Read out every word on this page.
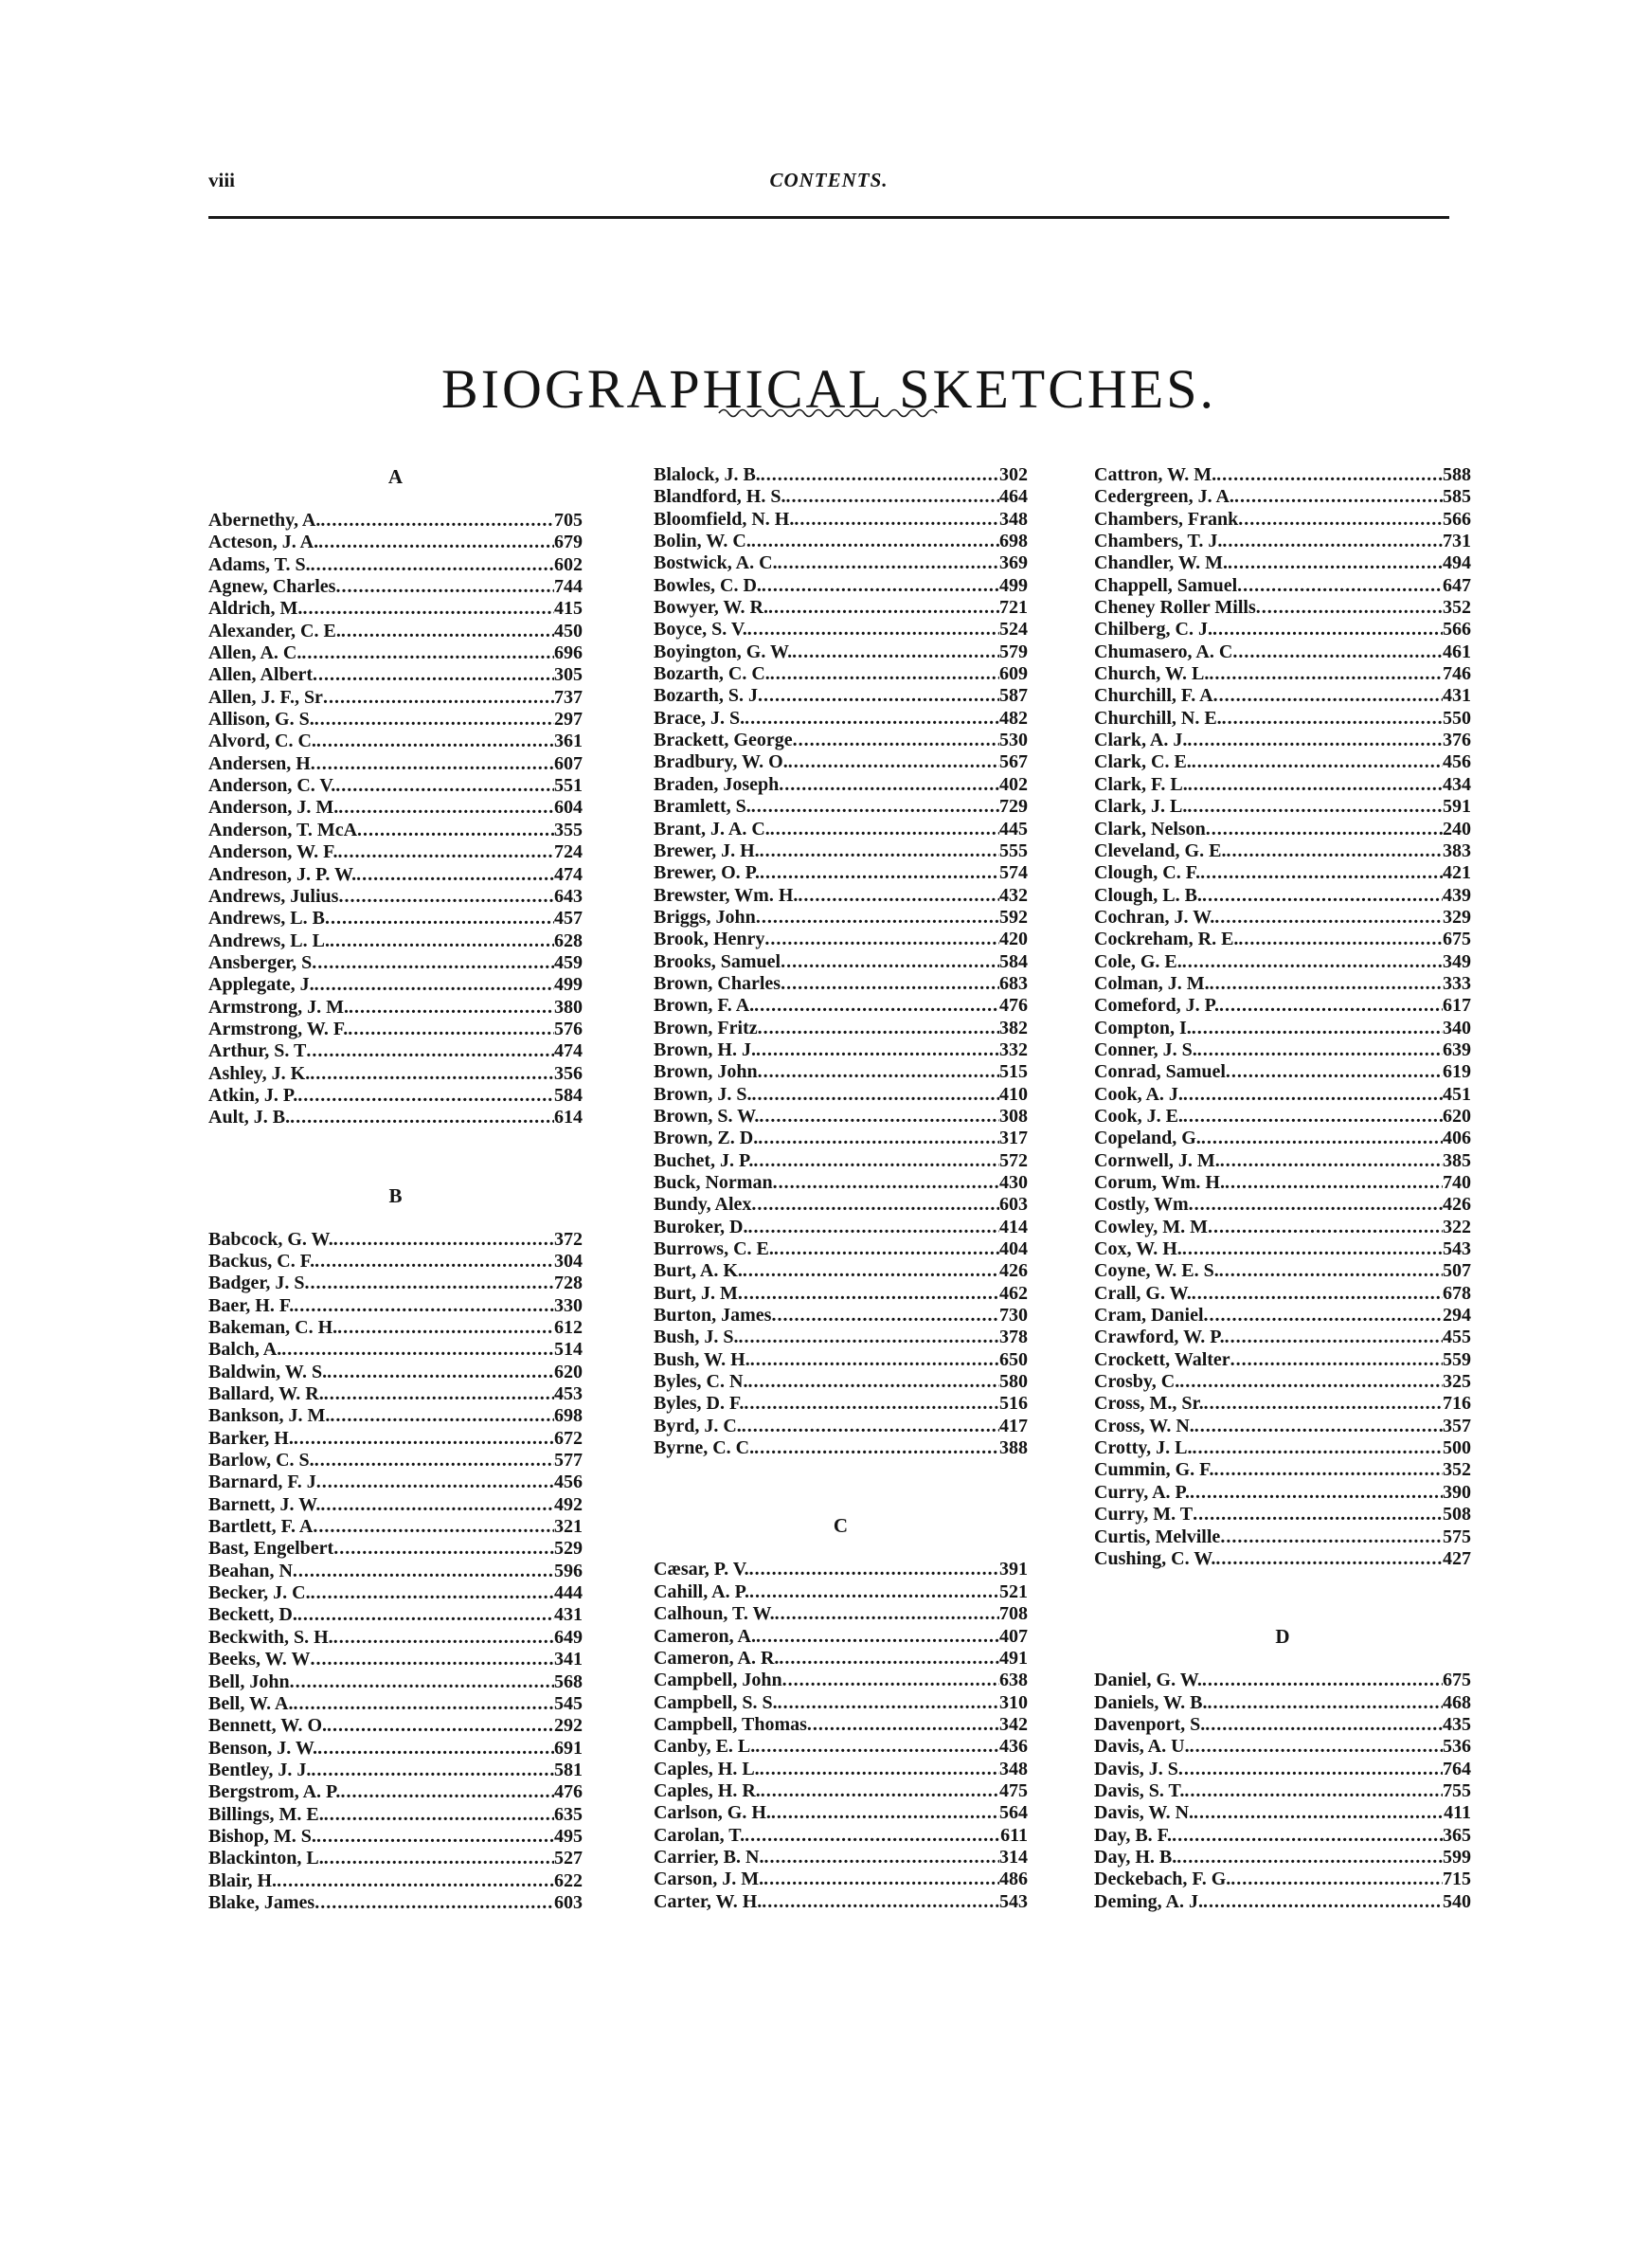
viii	CONTENTS.
BIOGRAPHICAL SKETCHES.
A
Abernethy, A. .....	705
Acteson, J. A. .....	679
Adams, T. S. .....	602
Agnew, Charles .....	744
Aldrich, M. .....	415
Alexander, C. E. .....	450
Allen, A. C. .....	696
Allen, Albert .....	305
Allen, J. F., Sr .....	737
Allison, G. S. .....	297
Alvord, C. C. .....	361
Andersen, H .....	607
Anderson, C. V. .....	551
Anderson, J. M. .....	604
Anderson, T. McA .....	355
Anderson, W. F. .....	724
Andreson, J. P. W. .....	474
Andrews, Julius .....	643
Andrews, L. B .....	457
Andrews, L. L. .....	628
Ansberger, S .....	459
Applegate, J. .....	499
Armstrong, J. M. .....	380
Armstrong, W. F. .....	576
Arthur, S. T .....	474
Ashley, J. K. .....	356
Atkin, J. P. .....	584
Ault, J. B. .....	614
B
Babcock, G. W. .....	372
Backus, C. F. .....	304
Badger, J. S .....	728
Baer, H. F. .....	330
Bakeman, C. H. .....	612
Balch, A. .....	514
Baldwin, W. S. .....	620
Ballard, W. R. .....	453
Bankson, J. M. .....	698
Barker, H. .....	672
Barlow, C. S. .....	577
Barnard, F. J .....	456
Barnett, J. W. .....	492
Bartlett, F. A .....	321
Bast, Engelbert .....	529
Beahan, N .....	596
Becker, J. C. .....	444
Beckett, D. .....	431
Beckwith, S. H. .....	649
Beeks, W. W .....	341
Bell, John .....	568
Bell, W. A. .....	545
Bennett, W. O. .....	292
Benson, J. W. .....	691
Bentley, J. J. .....	581
Bergstrom, A. P. .....	476
Billings, M. E. .....	635
Bishop, M. S. .....	495
Blackinton, L. .....	527
Blair, H. .....	622
Blake, James .....	603
Blalock, J. B. .....	302
Blandford, H. S. .....	464
Bloomfield, N. H. .....	348
Bolin, W. C. .....	698
Bostwick, A. C. .....	369
Bowles, C. D. .....	499
Bowyer, W. R. .....	721
Boyce, S. V. .....	524
Boyington, G. W. .....	579
Bozarth, C. C. .....	609
Bozarth, S. J .....	587
Brace, J. S. .....	482
Brackett, George .....	530
Bradbury, W. O. .....	567
Braden, Joseph .....	402
Bramlett, S. .....	729
Brant, J. A. C. .....	445
Brewer, J. H. .....	555
Brewer, O. P. .....	574
Brewster, Wm. H. .....	432
Briggs, John .....	592
Brook, Henry .....	420
Brooks, Samuel .....	584
Brown, Charles .....	683
Brown, F. A. .....	476
Brown, Fritz .....	382
Brown, H. J. .....	332
Brown, John .....	515
Brown, J. S. .....	410
Brown, S. W. .....	308
Brown, Z. D. .....	317
Buchet, J. P. .....	572
Buck, Norman .....	430
Bundy, Alex .....	603
Buroker, D. .....	414
Burrows, C. E. .....	404
Burt, A. K. .....	426
Burt, J. M .....	462
Burton, James .....	730
Bush, J. S. .....	378
Bush, W. H. .....	650
Byles, C. N. .....	580
Byles, D. F. .....	516
Byrd, J. C. .....	417
Byrne, C. C. .....	388
C
Cæsar, P. V. .....	391
Cahill, A. P. .....	521
Calhoun, T. W. .....	708
Cameron, A. .....	407
Cameron, A. R. .....	491
Campbell, John .....	638
Campbell, S. S. .....	310
Campbell, Thomas .....	342
Canby, E. L. .....	436
Caples, H. L. .....	348
Caples, H. R. .....	475
Carlson, G. H. .....	564
Carolan, T. .....	611
Carrier, B. N. .....	314
Carson, J. M. .....	486
Carter, W. H. .....	543
Cattron, W. M. .....	588
Cedergreen, J. A. .....	585
Chambers, Frank .....	566
Chambers, T. J. .....	731
Chandler, W. M. .....	494
Chappell, Samuel .....	647
Cheney Roller Mills .....	352
Chilberg, C. J. .....	566
Chumasero, A. C .....	461
Church, W. L. .....	746
Churchill, F. A .....	431
Churchill, N. E. .....	550
Clark, A. J. .....	376
Clark, C. E. .....	456
Clark, F. L. .....	434
Clark, J. L. .....	591
Clark, Nelson .....	240
Cleveland, G. E. .....	383
Clough, C. F. .....	421
Clough, L. B. .....	439
Cochran, J. W. .....	329
Cockreham, R. E. .....	675
Cole, G. E. .....	349
Colman, J. M. .....	333
Comeford, J. P. .....	617
Compton, I. .....	340
Conner, J. S. .....	639
Conrad, Samuel .....	619
Cook, A. J. .....	451
Cook, J. E. .....	620
Copeland, G. .....	406
Cornwell, J. M. .....	385
Corum, Wm. H. .....	740
Costly, Wm .....	426
Cowley, M. M .....	322
Cox, W. H. .....	543
Coyne, W. E. S. .....	507
Crall, G. W. .....	678
Cram, Daniel .....	294
Crawford, W. P. .....	455
Crockett, Walter .....	559
Crosby, C. .....	325
Cross, M., Sr. .....	716
Cross, W. N. .....	357
Crotty, J. L. .....	500
Cummin, G. F. .....	352
Curry, A. P. .....	390
Curry, M. T .....	508
Curtis, Melville .....	575
Cushing, C. W. .....	427
D
Daniel, G. W. .....	675
Daniels, W. B. .....	468
Davenport, S. .....	435
Davis, A. U. .....	536
Davis, J. S .....	764
Davis, S. T. .....	755
Davis, W. N. .....	411
Day, B. F. .....	365
Day, H. B. .....	599
Deckebach, F. G. .....	715
Deming, A. J. .....	540
